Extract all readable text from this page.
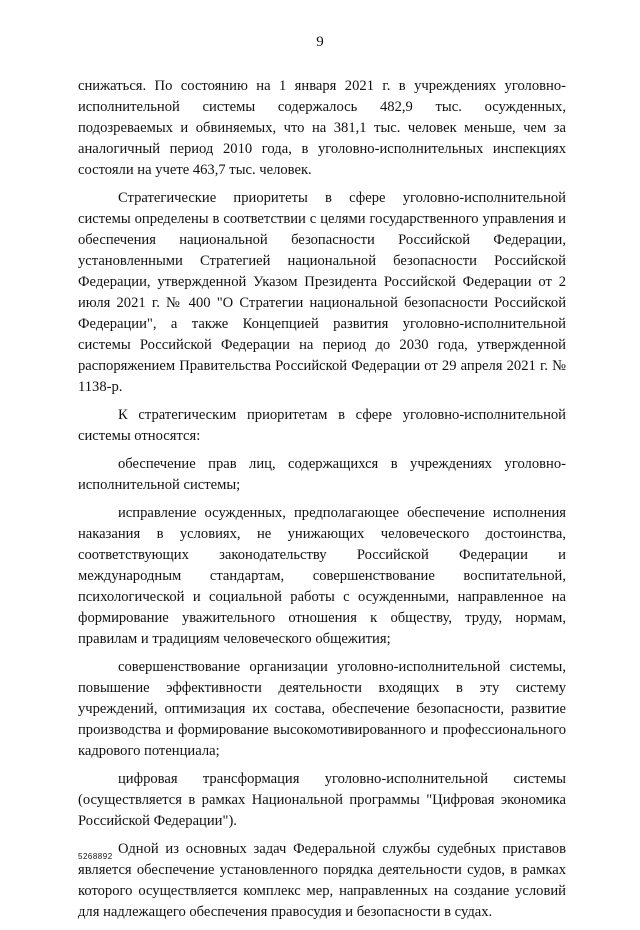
9

снижаться. По состоянию на 1 января 2021 г. в учреждениях уголовно-исполнительной системы содержалось 482,9 тыс. осужденных, подозреваемых и обвиняемых, что на 381,1 тыс. человек меньше, чем за аналогичный период 2010 года, в уголовно-исполнительных инспекциях состояли на учете 463,7 тыс. человек.

Стратегические приоритеты в сфере уголовно-исполнительной системы определены в соответствии с целями государственного управления и обеспечения национальной безопасности Российской Федерации, установленными Стратегией национальной безопасности Российской Федерации, утвержденной Указом Президента Российской Федерации от 2 июля 2021 г. № 400 "О Стратегии национальной безопасности Российской Федерации", а также Концепцией развития уголовно-исполнительной системы Российской Федерации на период до 2030 года, утвержденной распоряжением Правительства Российской Федерации от 29 апреля 2021 г. № 1138-р.

К стратегическим приоритетам в сфере уголовно-исполнительной системы относятся:

обеспечение прав лиц, содержащихся в учреждениях уголовно-исполнительной системы;

исправление осужденных, предполагающее обеспечение исполнения наказания в условиях, не унижающих человеческого достоинства, соответствующих законодательству Российской Федерации и международным стандартам, совершенствование воспитательной, психологической и социальной работы с осужденными, направленное на формирование уважительного отношения к обществу, труду, нормам, правилам и традициям человеческого общежития;

совершенствование организации уголовно-исполнительной системы, повышение эффективности деятельности входящих в эту систему учреждений, оптимизация их состава, обеспечение безопасности, развитие производства и формирование высокомотивированного и профессионального кадрового потенциала;

цифровая трансформация уголовно-исполнительной системы (осуществляется в рамках Национальной программы "Цифровая экономика Российской Федерации").

Одной из основных задач Федеральной службы судебных приставов является обеспечение установленного порядка деятельности судов, в рамках которого осуществляется комплекс мер, направленных на создание условий для надлежащего обеспечения правосудия и безопасности в судах.

5268892
